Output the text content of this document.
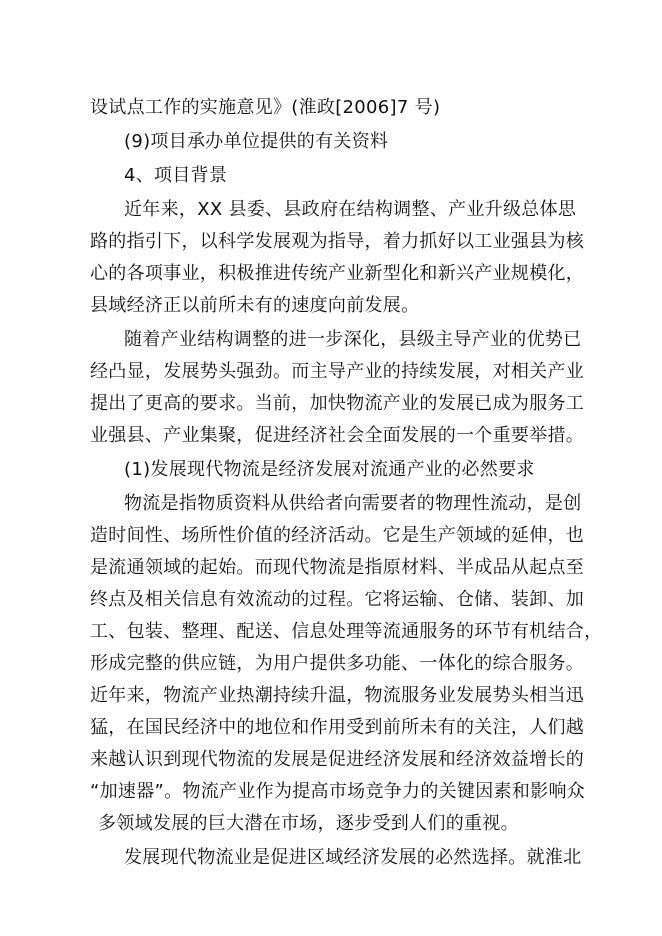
设试点工作的实施意见》(淮政[2006]7 号)
(9)项目承办单位提供的有关资料
4、项目背景
近年来，XX 县委、县政府在结构调整、产业升级总体思
路的指引下，以科学发展观为指导，着力抓好以工业强县为核
心的各项事业，积极推进传统产业新型化和新兴产业规模化，
县域经济正以前所未有的速度向前发展。
随着产业结构调整的进一步深化，县级主导产业的优势已
经凸显，发展势头强劲。而主导产业的持续发展，对相关产业
提出了更高的要求。当前，加快物流产业的发展已成为服务工
业强县、产业集聚，促进经济社会全面发展的一个重要举措。
(1)发展现代物流是经济发展对流通产业的必然要求
物流是指物质资料从供给者向需要者的物理性流动，是创
造时间性、场所性价值的经济活动。它是生产领域的延伸，也
是流通领域的起始。而现代物流是指原材料、半成品从起点至
终点及相关信息有效流动的过程。它将运输、仓储、装卸、加
工、包装、整理、配送、信息处理等流通服务的环节有机结合，
形成完整的供应链，为用户提供多功能、一体化的综合服务。
近年来，物流产业热潮持续升温，物流服务业发展势头相当迅
猛，在国民经济中的地位和作用受到前所未有的关注，人们越
来越认识到现代物流的发展是促进经济发展和经济效益增长的
“加速器”。物流产业作为提高市场竞争力的关键因素和影响众
多领域发展的巨大潜在市场，逐步受到人们的重视。
发展现代物流业是促进区域经济发展的必然选择。就淮北
